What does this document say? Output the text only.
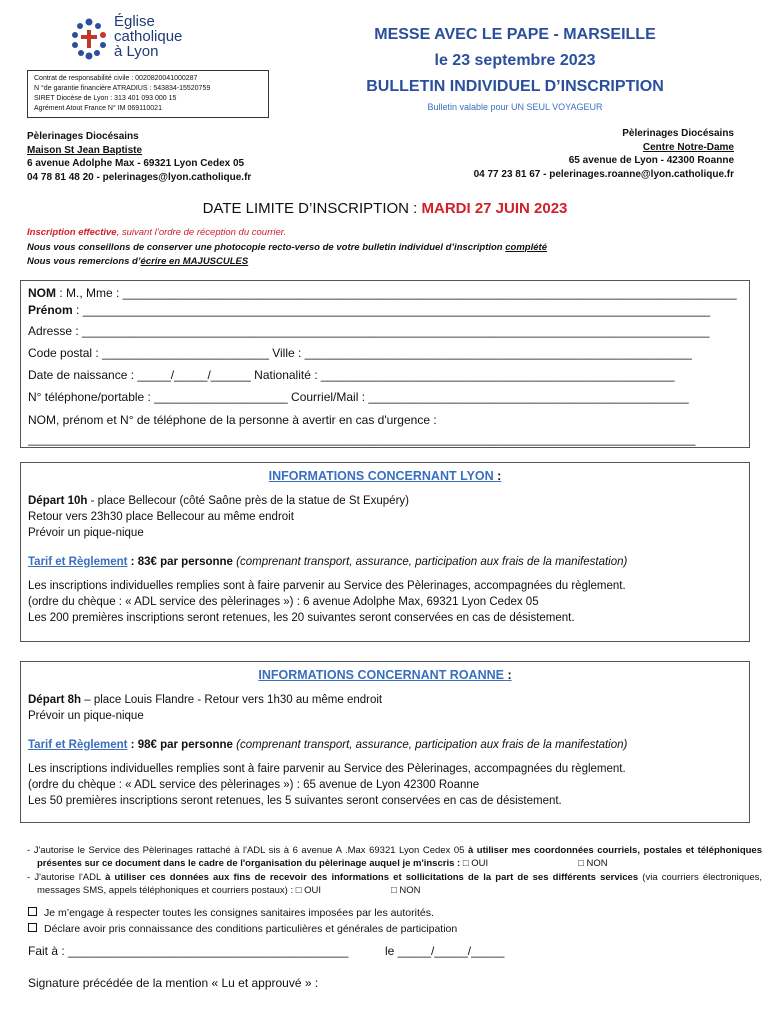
Église
catholique
à Lyon
Contrat de responsabilité civile : 0020820041000287
N °de garantie financière ATRADIUS : 543834-15520759
SIRET Diocèse de Lyon : 313 401 093 000 15
Agrément Atout France N° IM 069110021
MESSE AVEC LE PAPE - MARSEILLE
le 23 septembre 2023
BULLETIN INDIVIDUEL D’INSCRIPTION
Bulletin valable pour UN SEUL VOYAGEUR
Pèlerinages Diocésains
Maison St Jean Baptiste
6 avenue Adolphe Max - 69321 Lyon Cedex 05
04 78 81 48 20 - pelerinages@lyon.catholique.fr
Pèlerinages Diocésains
Centre Notre-Dame
65 avenue de Lyon - 42300 Roanne
04 77 23 81 67 - pelerinages.roanne@lyon.catholique.fr
DATE LIMITE D’INSCRIPTION : MARDI 27 JUIN 2023
Inscription effective, suivant l’ordre de réception du courrier.
Nous vous conseillons de conserver une photocopie recto-verso de votre bulletin individuel d’inscription complété
Nous vous remercions d’écrire en MAJUSCULES
NOM : M., Mme : ____________________________________________________________________________________________
Prénom : ______________________________________________________________________________________________
Adresse : ______________________________________________________________________________________________
Code postal : _________________________ Ville : __________________________________________________________
Date de naissance : _____/_____/______ Nationalité : _____________________________________________________
N° téléphone/portable : ____________________ Courriel/Mail : ________________________________________________
NOM, prénom et N° de téléphone de la personne à avertir en cas d'urgence :
____________________________________________________________________________________________________
INFORMATIONS CONCERNANT LYON :
Départ 10h - place Bellecour (côté Saône près de la statue de St Exupéry)
Retour vers 23h30 place Bellecour au même endroit
Prévoir un pique-nique
Tarif et Règlement : 83€ par personne (comprenant transport, assurance, participation aux frais de la manifestation)
Les inscriptions individuelles remplies sont à faire parvenir au Service des Pèlerinages, accompagnées du règlement.
(ordre du chèque : « ADL service des pèlerinages ») : 6 avenue Adolphe Max, 69321 Lyon Cedex 05
Les 200 premières inscriptions seront retenues, les 20 suivantes seront conservées en cas de désistement.
INFORMATIONS CONCERNANT ROANNE :
Départ 8h – place Louis Flandre - Retour vers 1h30 au même endroit
Prévoir un pique-nique
Tarif et Règlement : 98€ par personne (comprenant transport, assurance, participation aux frais de la manifestation)
Les inscriptions individuelles remplies sont à faire parvenir au Service des Pèlerinages, accompagnées du règlement.
(ordre du chèque : « ADL service des pèlerinages ») : 65 avenue de Lyon 42300 Roanne
Les 50 premières inscriptions seront retenues, les 5 suivantes seront conservées en cas de désistement.
- J'autorise le Service des Pèlerinages rattaché à l'ADL sis à 6 avenue A .Max 69321 Lyon Cedex 05 à utiliser mes coordonnées courriels, postales et téléphoniques présentes sur ce document dans le cadre de l'organisation du pèlerinage auquel je m'inscris : □ OUI	□ NON
- J'autorise l'ADL à utiliser ces données aux fins de recevoir des informations et sollicitations de la part de ses différents services (via courriers électroniques, messages SMS, appels téléphoniques et courriers postaux) : □ OUI	□ NON
Je m’engage à respecter toutes les consignes sanitaires imposées par les autorités.
Déclare avoir pris connaissance des conditions particulières et générales de participation
Fait à : __________________________________________	le _____/_____/_____
Signature précédée de la mention « Lu et approuvé » :
